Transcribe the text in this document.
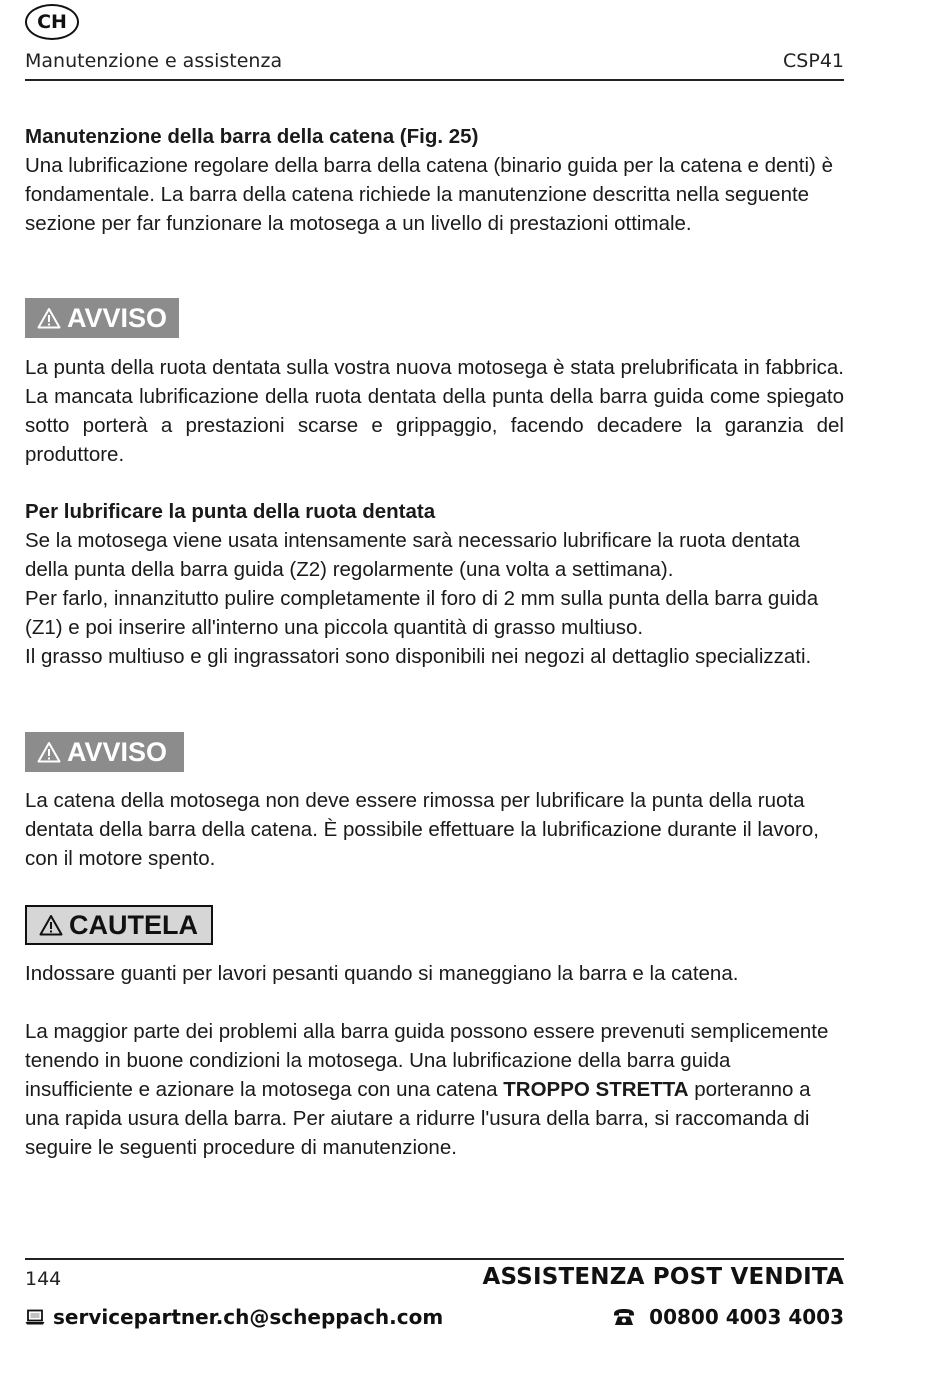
CH
Manutenzione e assistenza	CSP41

Manutenzione della barra della catena (Fig. 25)

Una lubrificazione regolare della barra della catena (binario guida per la catena e denti) è fondamentale. La barra della catena richiede la manutenzione descritta nella seguente sezione per far funzionare la motosega a un livello di prestazioni ottimale.

AVVISO

La punta della ruota dentata sulla vostra nuova motosega è stata prelubrificata in fabbrica. La mancata lubrificazione della ruota dentata della punta della barra guida come spiegato sotto porterà a prestazioni scarse e grippaggio, facendo decadere la garanzia del produttore.

Per lubrificare la punta della ruota dentata

Se la motosega viene usata intensamente sarà necessario lubrificare la ruota dentata della punta della barra guida (Z2) regolarmente (una volta a settimana).

Per farlo, innanzitutto pulire completamente il foro di 2 mm sulla punta della barra guida (Z1) e poi inserire all'interno una piccola quantità di grasso multiuso.

Il grasso multiuso e gli ingrassatori sono disponibili nei negozi al dettaglio specializzati.

AVVISO

La catena della motosega non deve essere rimossa per lubrificare la punta della ruota dentata della barra della catena. È possibile effettuare la lubrificazione durante il lavoro, con il motore spento.

CAUTELA

Indossare guanti per lavori pesanti quando si maneggiano la barra e la catena.

La maggior parte dei problemi alla barra guida possono essere prevenuti semplicemente tenendo in buone condizioni la motosega. Una lubrificazione della barra guida insufficiente e azionare la motosega con una catena TROPPO STRETTA porteranno a una rapida usura della barra. Per aiutare a ridurre l'usura della barra, si raccomanda di seguire le seguenti procedure di manutenzione.

144	ASSISTENZA POST VENDITA
servicepartner.ch@scheppach.com	00800 4003 4003
